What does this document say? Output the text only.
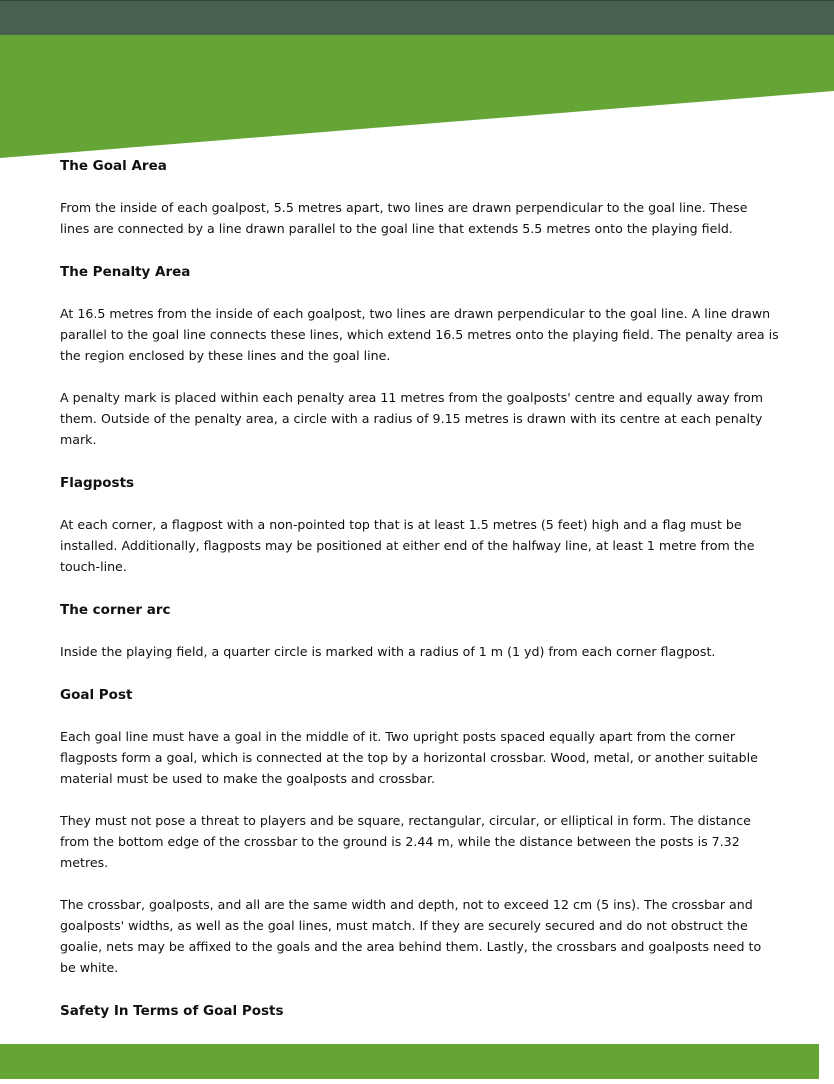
The Goal Area

From the inside of each goalpost, 5.5 metres apart, two lines are drawn perpendicular to the goal line. These lines are connected by a line drawn parallel to the goal line that extends 5.5 metres onto the playing field.

The Penalty Area

At 16.5 metres from the inside of each goalpost, two lines are drawn perpendicular to the goal line. A line drawn parallel to the goal line connects these lines, which extend 16.5 metres onto the playing field. The penalty area is the region enclosed by these lines and the goal line.

A penalty mark is placed within each penalty area 11 metres from the goalposts' centre and equally away from them. Outside of the penalty area, a circle with a radius of 9.15 metres is drawn with its centre at each penalty mark.

Flagposts

At each corner, a flagpost with a non-pointed top that is at least 1.5 metres (5 feet) high and a flag must be installed. Additionally, flagposts may be positioned at either end of the halfway line, at least 1 metre from the touch-line.

The corner arc

Inside the playing field, a quarter circle is marked with a radius of 1 m (1 yd) from each corner flagpost.

Goal Post

Each goal line must have a goal in the middle of it. Two upright posts spaced equally apart from the corner flagposts form a goal, which is connected at the top by a horizontal crossbar. Wood, metal, or another suitable material must be used to make the goalposts and crossbar.

They must not pose a threat to players and be square, rectangular, circular, or elliptical in form. The distance from the bottom edge of the crossbar to the ground is 2.44 m, while the distance between the posts is 7.32 metres.

The crossbar, goalposts, and all are the same width and depth, not to exceed 12 cm (5 ins). The crossbar and goalposts' widths, as well as the goal lines, must match. If they are securely secured and do not obstruct the goalie, nets may be affixed to the goals and the area behind them. Lastly, the crossbars and goalposts need to be white.

Safety In Terms of Goal Posts
